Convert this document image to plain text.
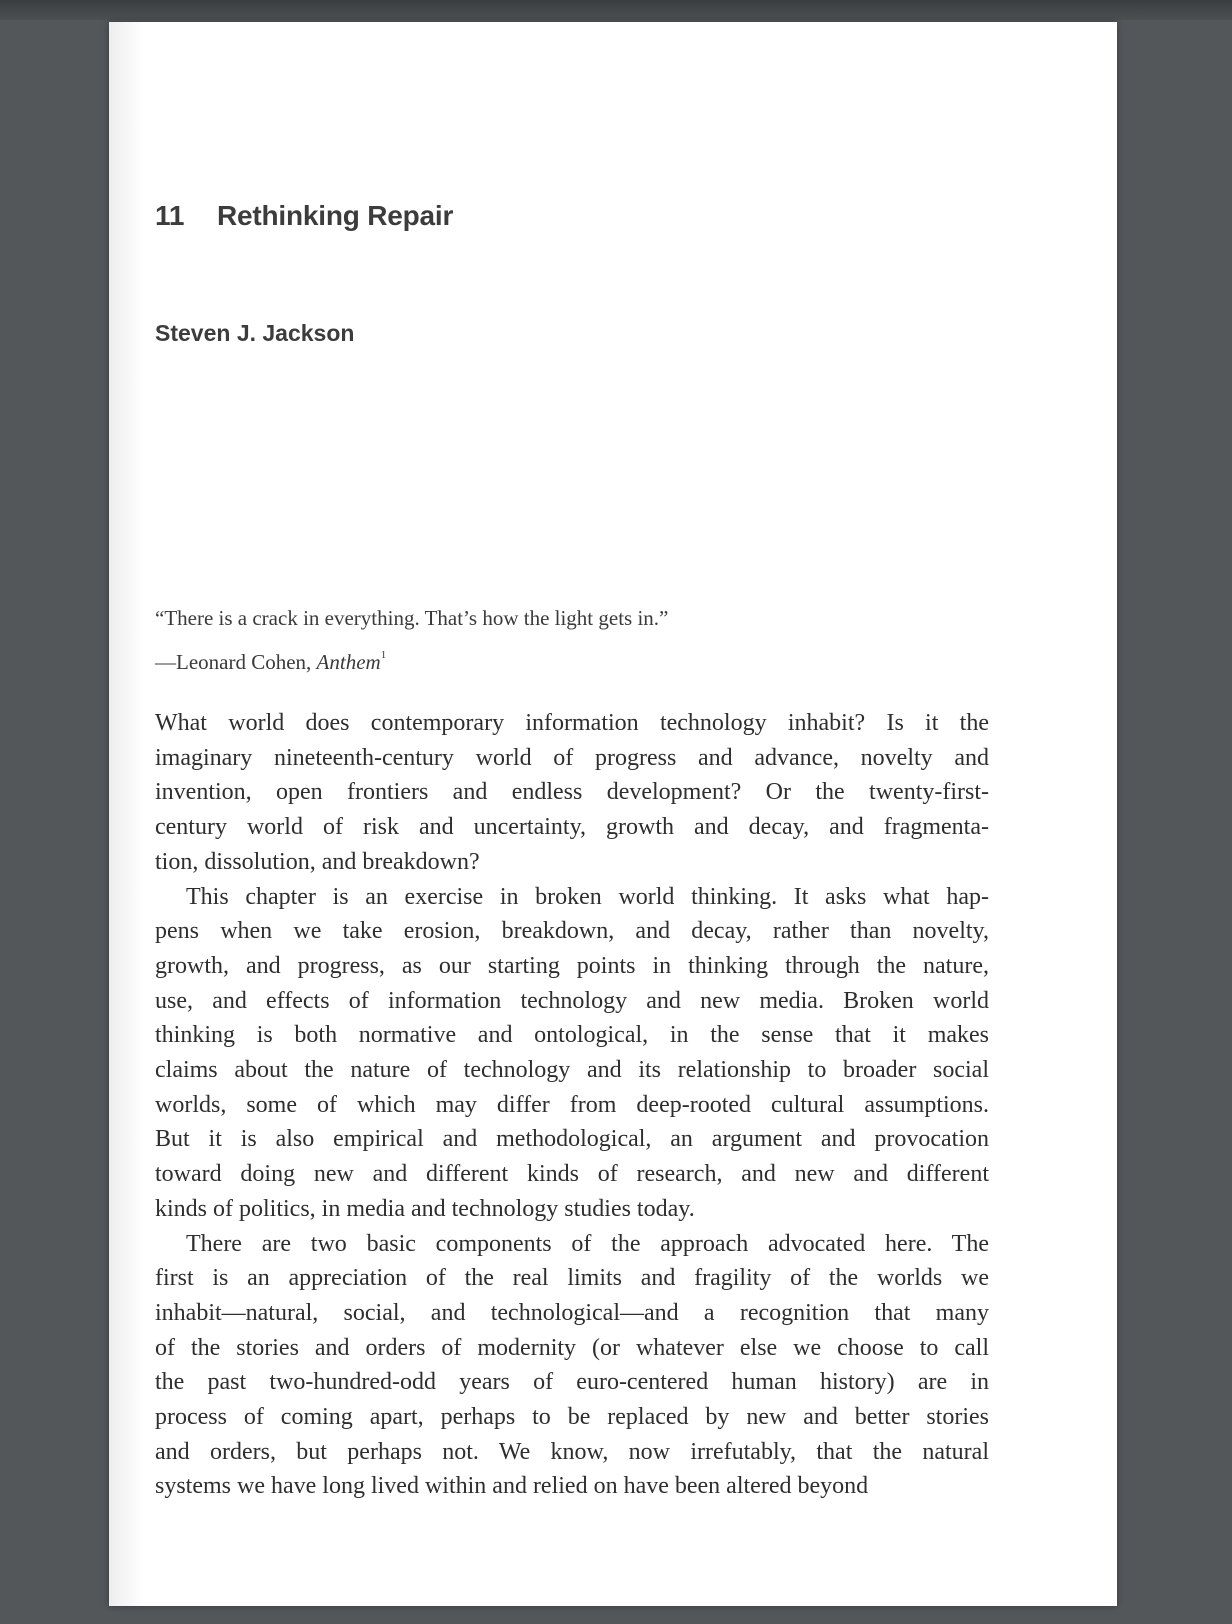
11 Rethinking Repair
Steven J. Jackson

“There is a crack in everything. That’s how the light gets in.”

—Leonard Cohen, Anthem$^1$

What world does contemporary information technology inhabit? Is it the
imaginary nineteenth-century world of progress and advance, novelty and
invention, open frontiers and endless development? Or the twenty-first-
century world of risk and uncertainty, growth and decay, and fragmenta-
tion, dissolution, and breakdown?

This chapter is an exercise in broken world thinking. It asks what hap-
pens when we take erosion, breakdown, and decay, rather than novelty,
growth, and progress, as our starting points in thinking through the nature,
use, and effects of information technology and new media. Broken world
thinking is both normative and ontological, in the sense that it makes
claims about the nature of technology and its relationship to broader social
worlds, some of which may differ from deep-rooted cultural assumptions.
But it is also empirical and methodological, an argument and provocation
toward doing new and different kinds of research, and new and different
kinds of politics, in media and technology studies today.

There are two basic components of the approach advocated here. The
first is an appreciation of the real limits and fragility of the worlds we
inhabit—natural, social, and technological—and a recognition that many
of the stories and orders of modernity (or whatever else we choose to call
the past two-hundred-odd years of euro-centered human history) are in
process of coming apart, perhaps to be replaced by new and better stories
and orders, but perhaps not. We know, now irrefutably, that the natural
systems we have long lived within and relied on have been altered beyond
